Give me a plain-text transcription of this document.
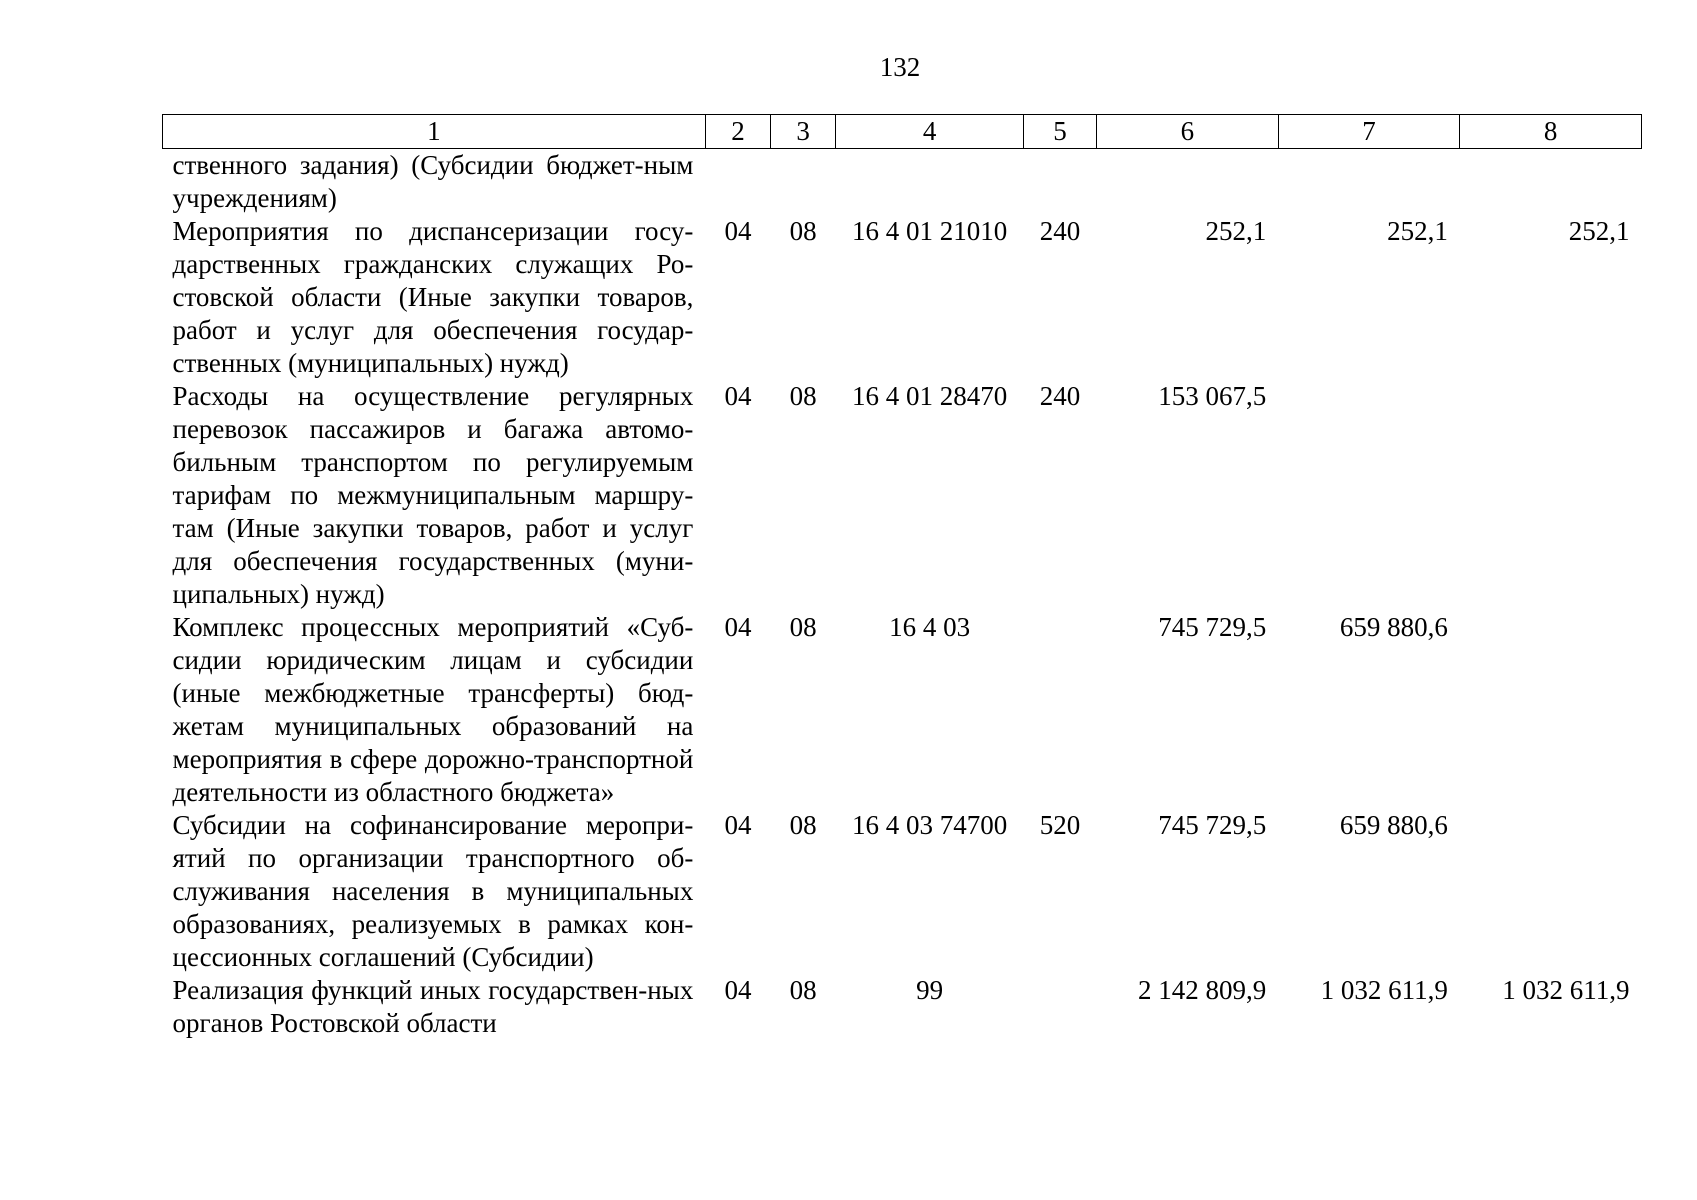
132
1	2	3	4	5	6	7	8
ственного задания) (Субсидии бюджет-ным учреждениям)							
Мероприятия по диспансеризации госу-дарственных гражданских служащих Ро-стовской области (Иные закупки товаров, работ и услуг для обеспечения государ-ственных (муниципальных) нужд)	04	08	16 4 01 21010	240	252,1	252,1	252,1
Расходы на осуществление регулярных перевозок пассажиров и багажа автомо-бильным транспортом по регулируемым тарифам по межмуниципальным маршру-там (Иные закупки товаров, работ и услуг для обеспечения государственных (муни-ципальных) нужд)	04	08	16 4 01 28470	240	153 067,5		
Комплекс процессных мероприятий «Суб-сидии юридическим лицам и субсидии (иные межбюджетные трансферты) бюд-жетам муниципальных образований на мероприятия в сфере дорожно-транспортной деятельности из областного бюджета»	04	08	16 4 03		745 729,5	659 880,6	
Субсидии на софинансирование меропри-ятий по организации транспортного об-служивания населения в муниципальных образованиях, реализуемых в рамках кон-цессионных соглашений (Субсидии)	04	08	16 4 03 74700	520	745 729,5	659 880,6	
Реализация функций иных государствен-ных органов Ростовской области	04	08	99		2 142 809,9	1 032 611,9	1 032 611,9
